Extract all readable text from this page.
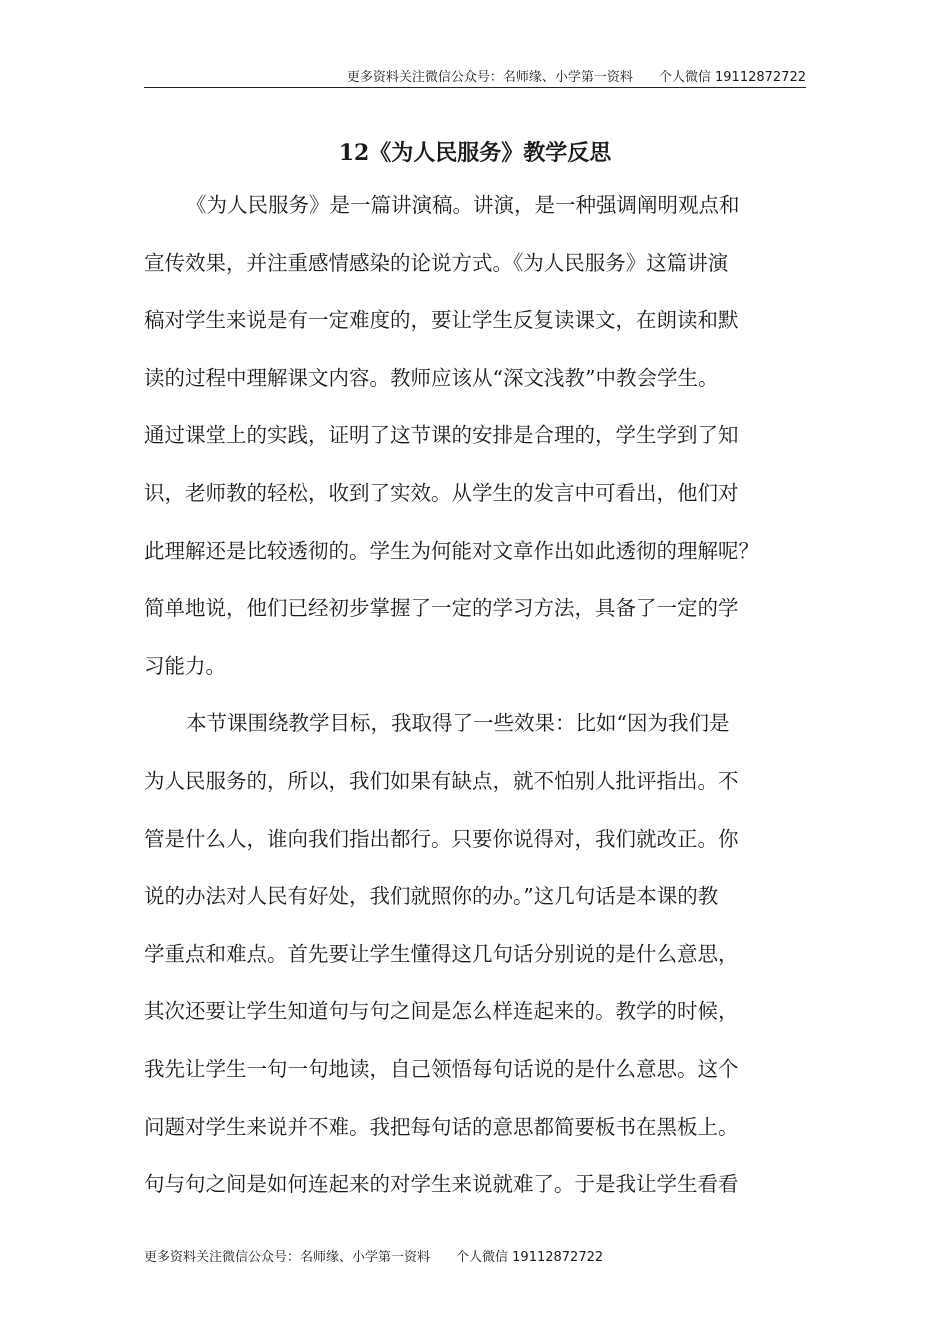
更多资料关注微信公众号：名师缘、小学第一资料 个人微信 19112872722
12《为人民服务》教学反思
《为人民服务》是一篇讲演稿。讲演，是一种强调阐明观点和
宣传效果，并注重感情感染的论说方式。《为人民服务》这篇讲演
稿对学生来说是有一定难度的，要让学生反复读课文，在朗读和默
读的过程中理解课文内容。教师应该从“深文浅教”中教会学生。
通过课堂上的实践，证明了这节课的安排是合理的，学生学到了知
识，老师教的轻松，收到了实效。从学生的发言中可看出，他们对
此理解还是比较透彻的。学生为何能对文章作出如此透彻的理解呢？
简单地说，他们已经初步掌握了一定的学习方法，具备了一定的学
习能力。
本节课围绕教学目标，我取得了一些效果：比如“因为我们是
为人民服务的，所以，我们如果有缺点，就不怕别人批评指出。不
管是什么人，谁向我们指出都行。只要你说得对，我们就改正。你
说的办法对人民有好处，我们就照你的办。”这几句话是本课的教
学重点和难点。首先要让学生懂得这几句话分别说的是什么意思，
其次还要让学生知道句与句之间是怎么样连起来的。教学的时候，
我先让学生一句一句地读，自己领悟每句话说的是什么意思。这个
问题对学生来说并不难。我把每句话的意思都简要板书在黑板上。
句与句之间是如何连起来的对学生来说就难了。于是我让学生看看
更多资料关注微信公众号：名师缘、小学第一资料 个人微信 19112872722
